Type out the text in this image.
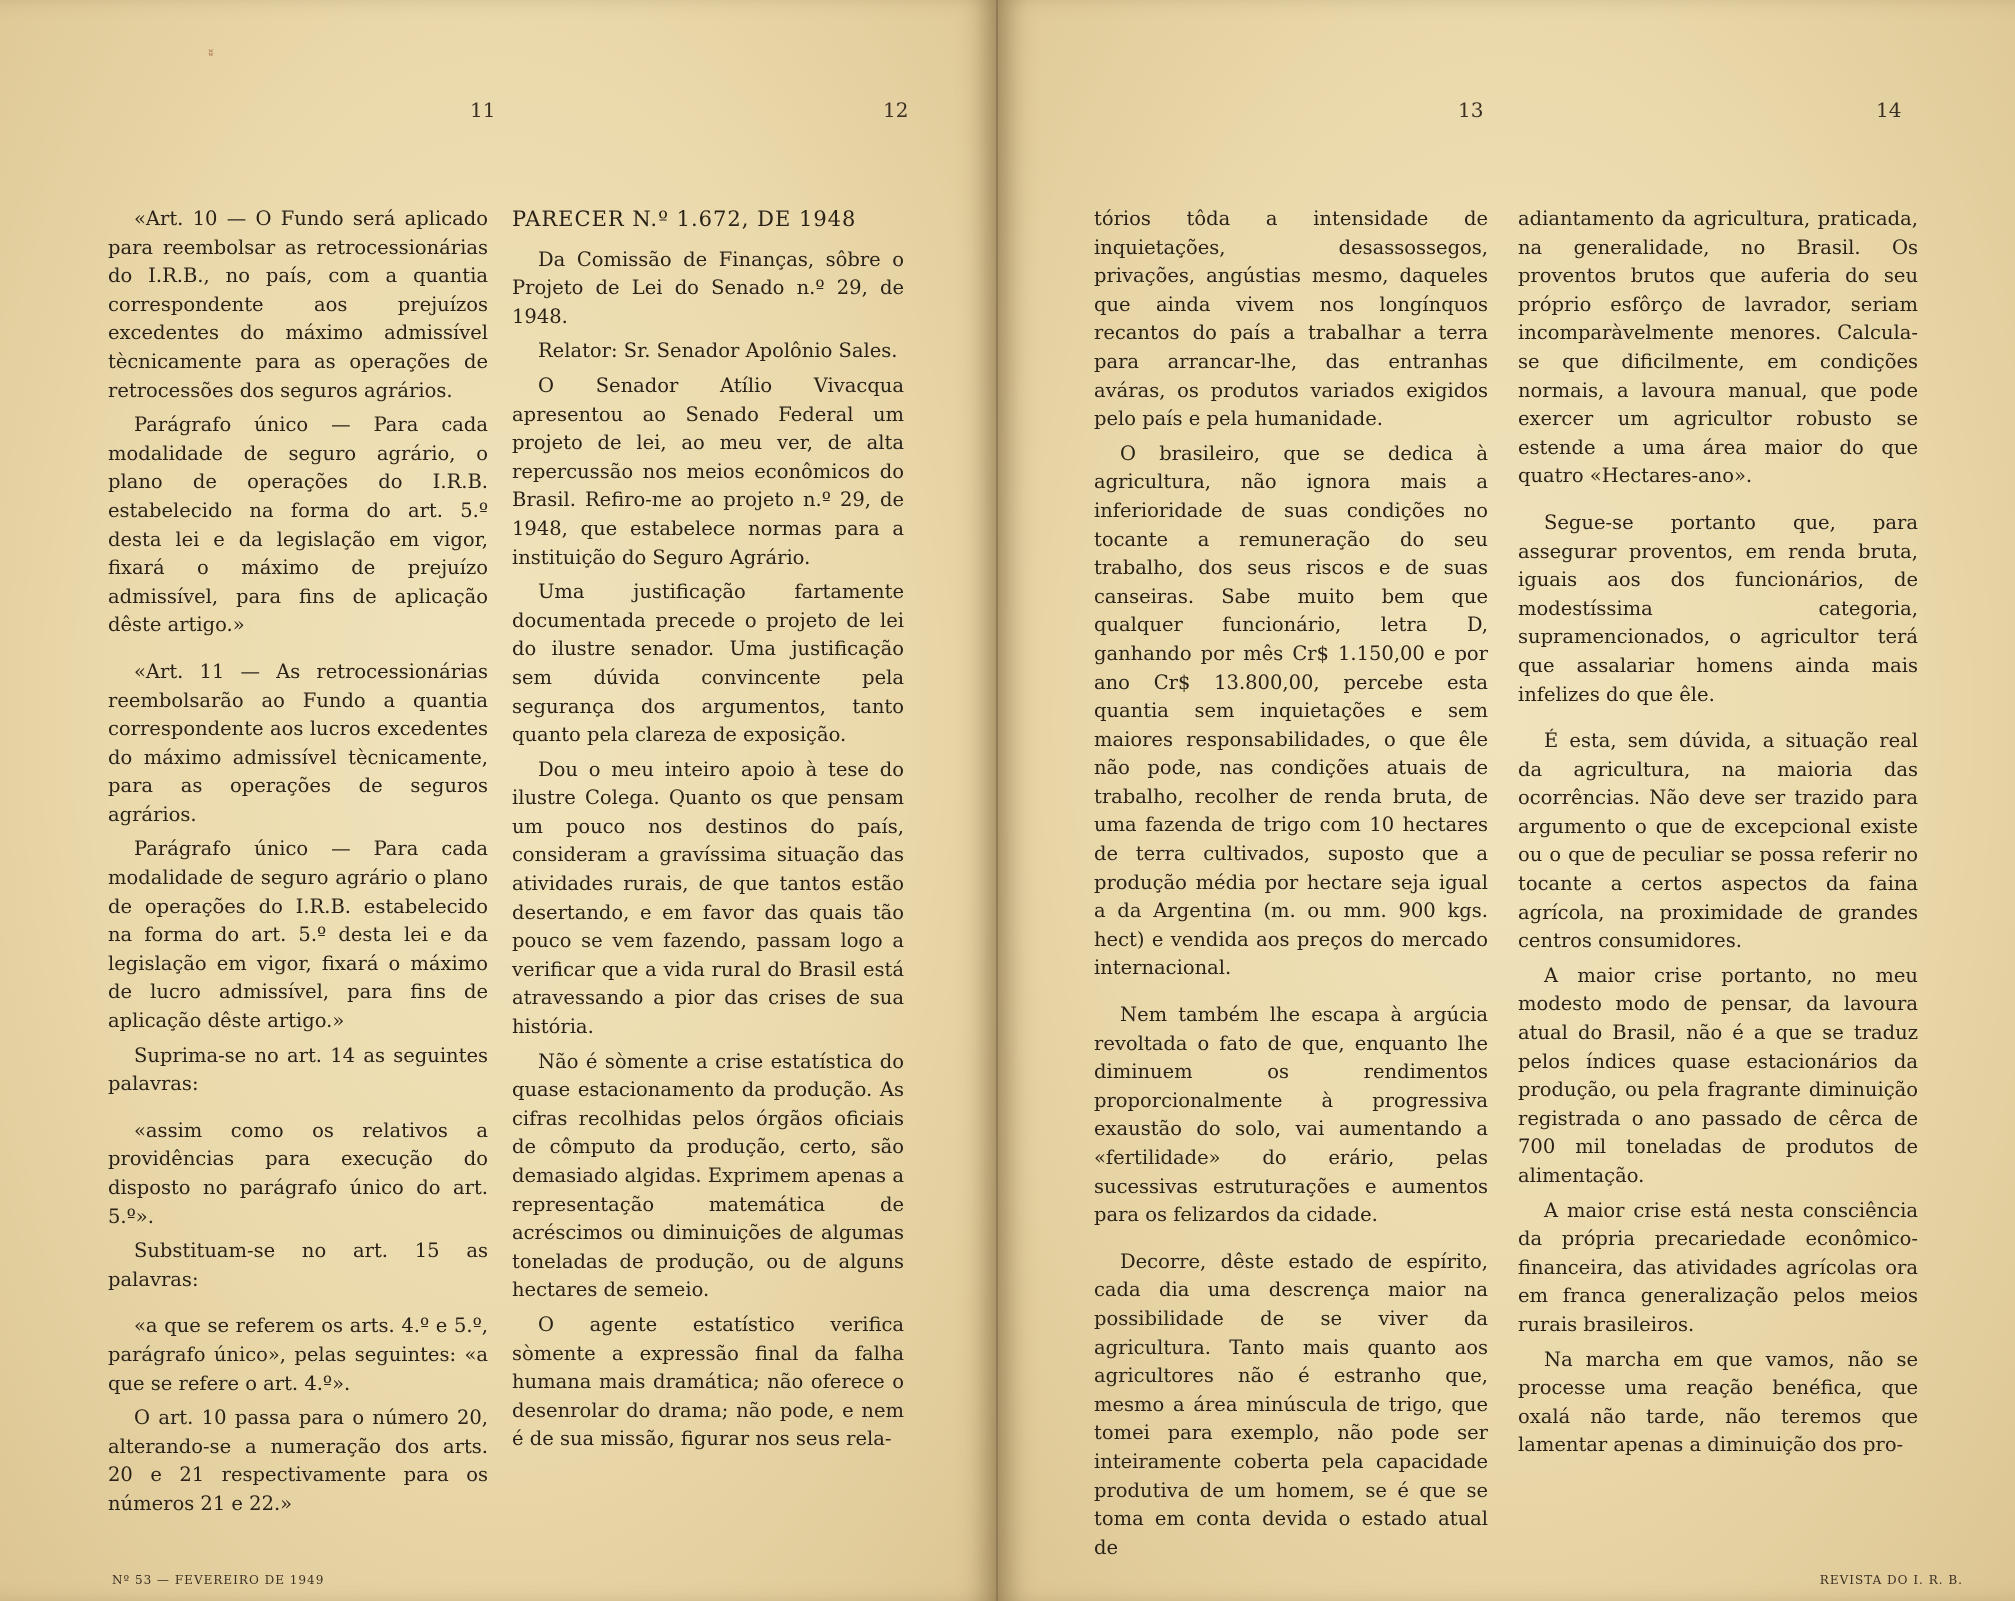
ʬ
11	12

«Art. 10 — O Fundo será aplicado para reembolsar as retrocessionárias do I.R.B., no país, com a quantia correspondente aos prejuízos excedentes do máximo admissível tècnicamente para as operações de retrocessões dos seguros agrários.

Parágrafo único — Para cada modalidade de seguro agrário, o plano de operações do I.R.B. estabelecido na forma do art. 5.º desta lei e da legislação em vigor, fixará o máximo de prejuízo admissível, para fins de aplicação dêste artigo.»

«Art. 11 — As retrocessionárias reembolsarão ao Fundo a quantia correspondente aos lucros excedentes do máximo admissível tècnicamente, para as operações de seguros agrários.

Parágrafo único — Para cada modalidade de seguro agrário o plano de operações do I.R.B. estabelecido na forma do art. 5.º desta lei e da legislação em vigor, fixará o máximo de lucro admissível, para fins de aplicação dêste artigo.»

Suprima-se no art. 14 as seguintes palavras:

«assim como os relativos a providências para execução do disposto no parágrafo único do art. 5.º».

Substituam-se no art. 15 as palavras:

«a que se referem os arts. 4.º e 5.º, parágrafo único», pelas seguintes: «a que se refere o art. 4.º».

O art. 10 passa para o número 20, alterando-se a numeração dos arts. 20 e 21 respectivamente para os números 21 e 22.»

PARECER N.º 1.672, DE 1948

Da Comissão de Finanças, sôbre o Projeto de Lei do Senado n.º 29, de 1948.

Relator: Sr. Senador Apolônio Sales.

O Senador Atílio Vivacqua apresentou ao Senado Federal um projeto de lei, ao meu ver, de alta repercussão nos meios econômicos do Brasil. Refiro-me ao projeto n.º 29, de 1948, que estabelece normas para a instituição do Seguro Agrário.

Uma justificação fartamente documentada precede o projeto de lei do ilustre senador. Uma justificação sem dúvida convincente pela segurança dos argumentos, tanto quanto pela clareza de exposição.

Dou o meu inteiro apoio à tese do ilustre Colega. Quanto os que pensam um pouco nos destinos do país, consideram a gravíssima situação das atividades rurais, de que tantos estão desertando, e em favor das quais tão pouco se vem fazendo, passam logo a verificar que a vida rural do Brasil está atravessando a pior das crises de sua história.

Não é sòmente a crise estatística do quase estacionamento da produção. As cifras recolhidas pelos órgãos oficiais de cômputo da produção, certo, são demasiado algidas. Exprimem apenas a representação matemática de acréscimos ou diminuições de algumas toneladas de produção, ou de alguns hectares de semeio.

O agente estatístico verifica sòmente a expressão final da falha humana mais dramática; não oferece o desenrolar do drama; não pode, e nem é de sua missão, figurar nos seus rela-

Nº 53 — FEVEREIRO DE 1949
13	14

tórios tôda a intensidade de inquietações, desassossegos, privações, angústias mesmo, daqueles que ainda vivem nos longínquos recantos do país a trabalhar a terra para arrancar-lhe, das entranhas aváras, os produtos variados exigidos pelo país e pela humanidade.

O brasileiro, que se dedica à agricultura, não ignora mais a inferioridade de suas condições no tocante a remuneração do seu trabalho, dos seus riscos e de suas canseiras. Sabe muito bem que qualquer funcionário, letra D, ganhando por mês Cr$ 1.150,00 e por ano Cr$ 13.800,00, percebe esta quantia sem inquietações e sem maiores responsabilidades, o que êle não pode, nas condições atuais de trabalho, recolher de renda bruta, de uma fazenda de trigo com 10 hectares de terra cultivados, suposto que a produção média por hectare seja igual a da Argentina (m. ou mm. 900 kgs. hect) e vendida aos preços do mercado internacional.

Nem também lhe escapa à argúcia revoltada o fato de que, enquanto lhe diminuem os rendimentos proporcionalmente à progressiva exaustão do solo, vai aumentando a «fertilidade» do erário, pelas sucessivas estruturações e aumentos para os felizardos da cidade.

Decorre, dêste estado de espírito, cada dia uma descrença maior na possibilidade de se viver da agricultura. Tanto mais quanto aos agricultores não é estranho que, mesmo a área minúscula de trigo, que tomei para exemplo, não pode ser inteiramente coberta pela capacidade produtiva de um homem, se é que se toma em conta devida o estado atual de

adiantamento da agricultura, praticada, na generalidade, no Brasil. Os proventos brutos que auferia do seu próprio esfôrço de lavrador, seriam incomparàvelmente menores. Calcula-se que dificilmente, em condições normais, a lavoura manual, que pode exercer um agricultor robusto se estende a uma área maior do que quatro «Hectares-ano».

Segue-se portanto que, para assegurar proventos, em renda bruta, iguais aos dos funcionários, de modestíssima categoria, supramencionados, o agricultor terá que assalariar homens ainda mais infelizes do que êle.

É esta, sem dúvida, a situação real da agricultura, na maioria das ocorrências. Não deve ser trazido para argumento o que de excepcional existe ou o que de peculiar se possa referir no tocante a certos aspectos da faina agrícola, na proximidade de grandes centros consumidores.

A maior crise portanto, no meu modesto modo de pensar, da lavoura atual do Brasil, não é a que se traduz pelos índices quase estacionários da produção, ou pela fragrante diminuição registrada o ano passado de cêrca de 700 mil toneladas de produtos de alimentação.

A maior crise está nesta consciência da própria precariedade econômico-financeira, das atividades agrícolas ora em franca generalização pelos meios rurais brasileiros.

Na marcha em que vamos, não se processe uma reação benéfica, que oxalá não tarde, não teremos que lamentar apenas a diminuição dos pro-

REVISTA DO I. R. B.
